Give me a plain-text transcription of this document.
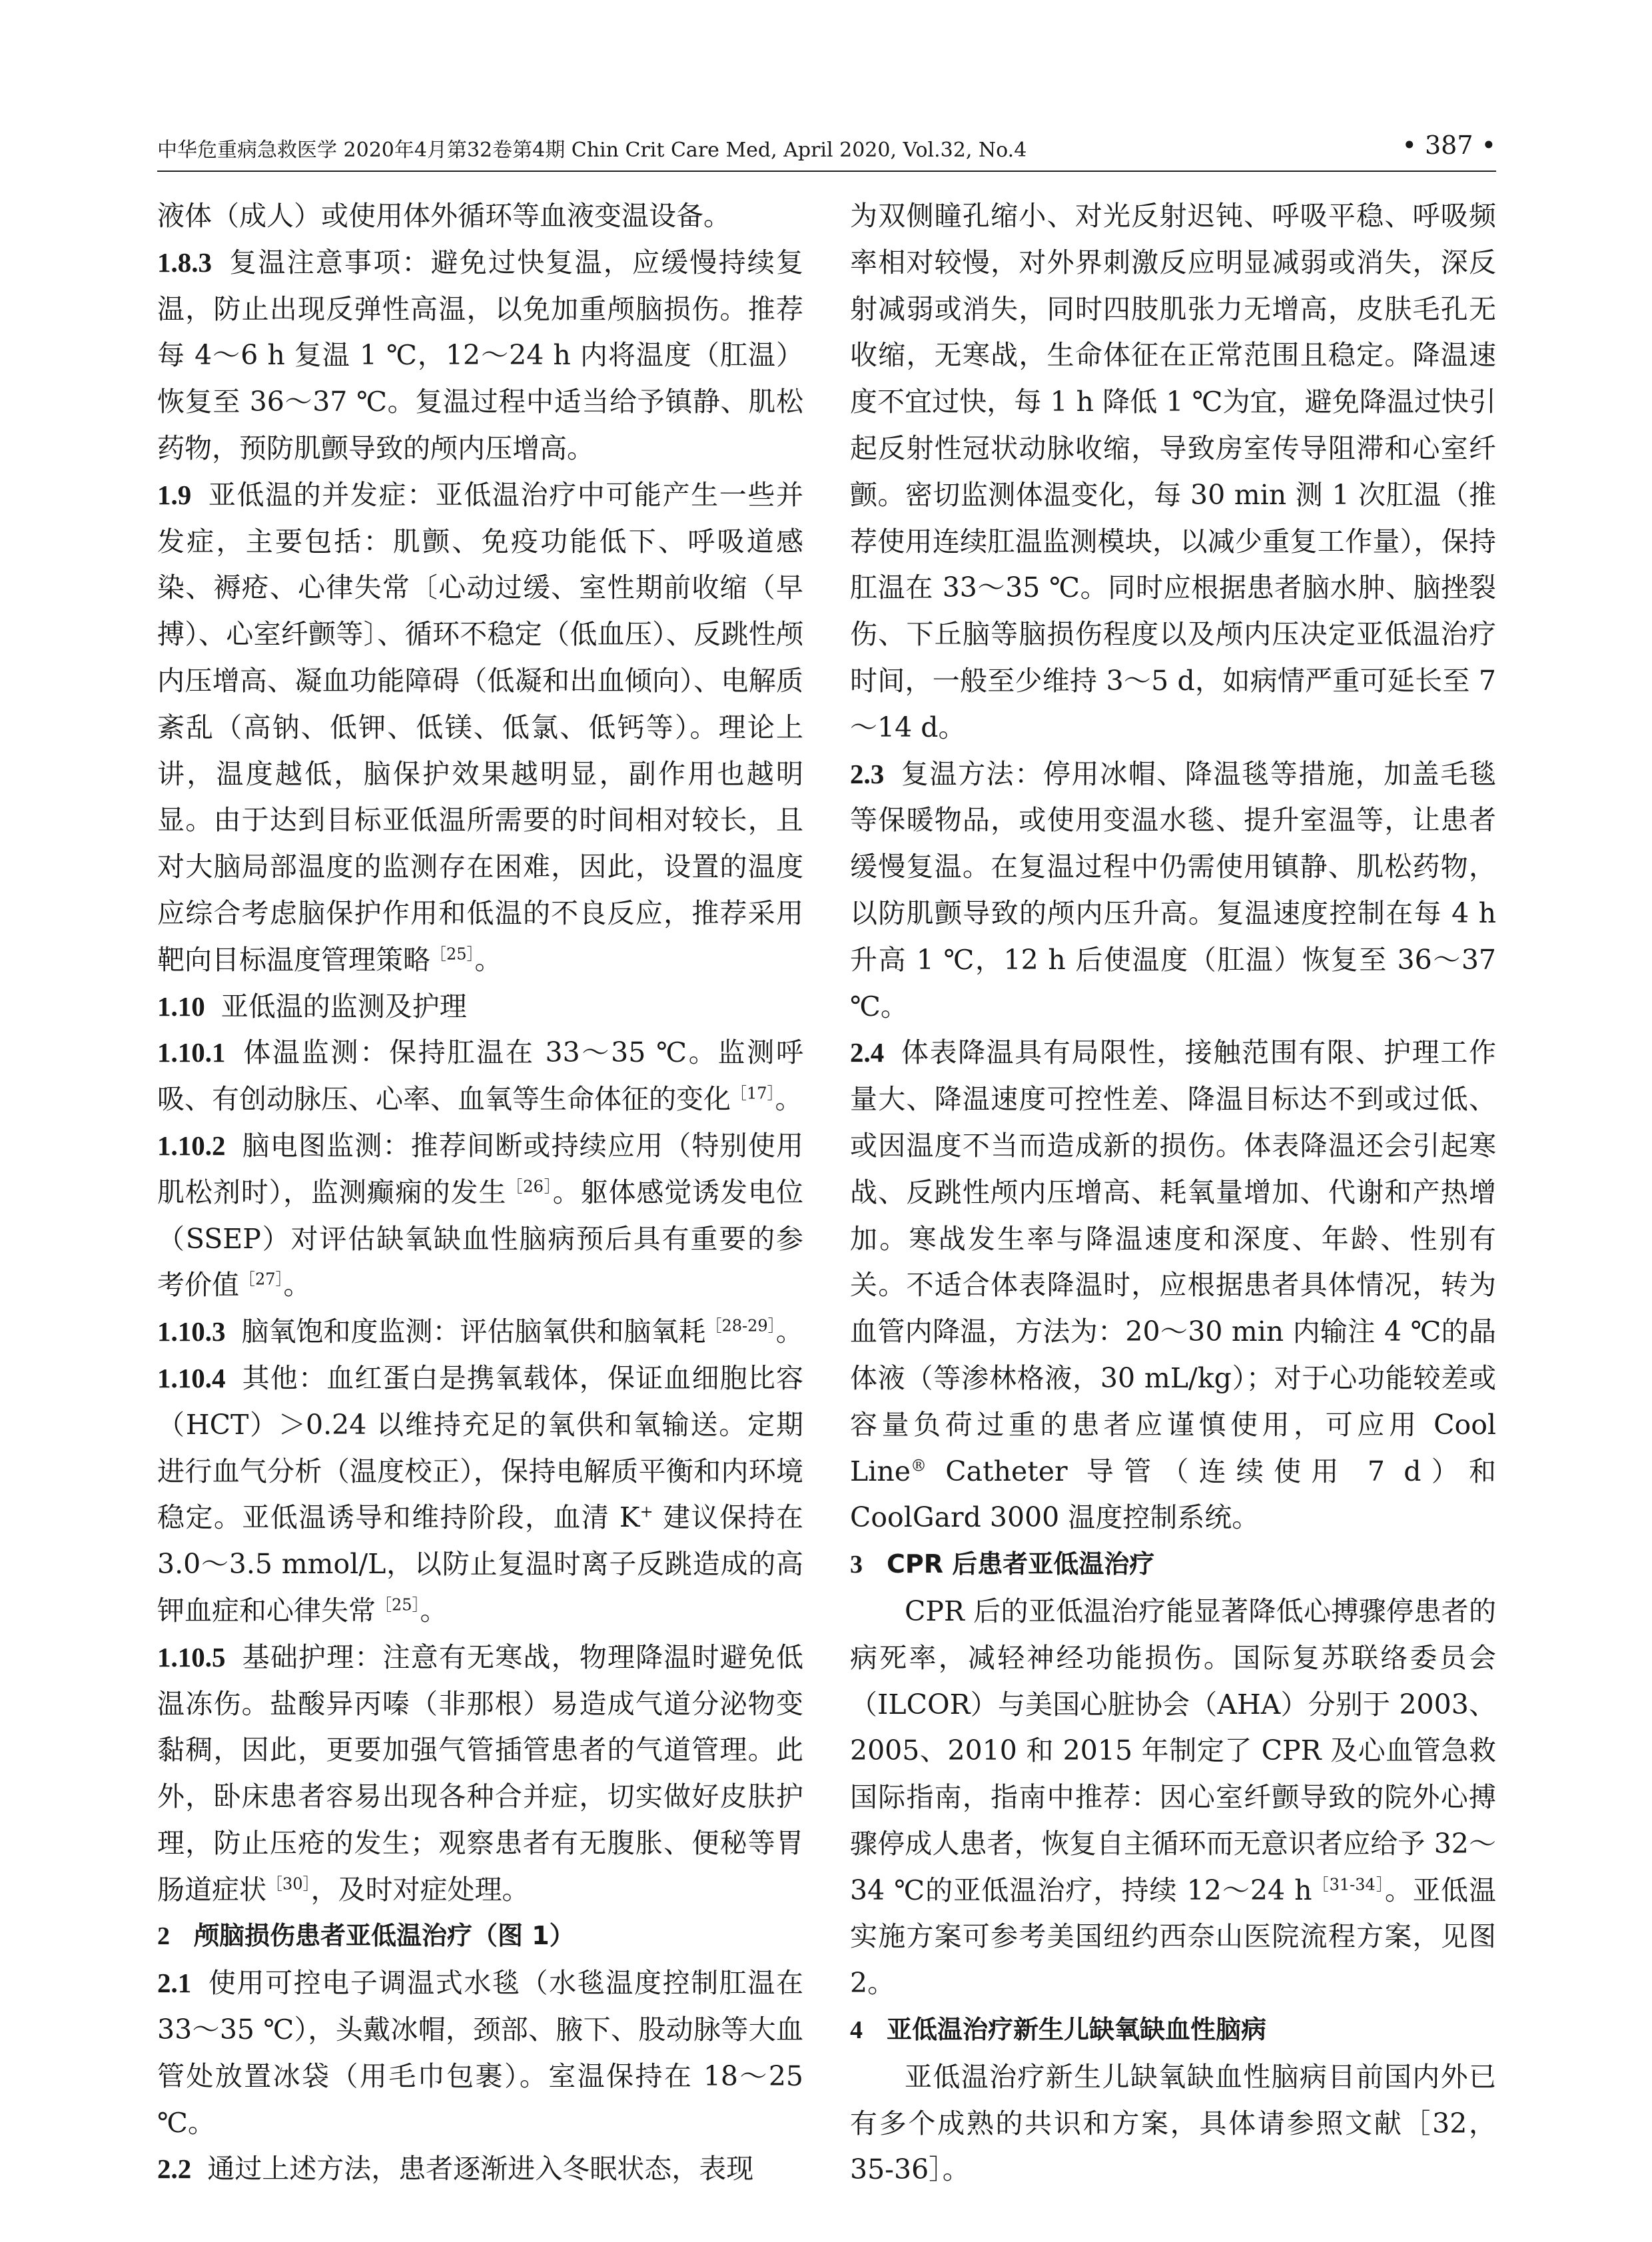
中华危重病急救医学 2020年4月第32卷第4期 Chin Crit Care Med, April 2020, Vol.32, No.4	• 387 •

液体（成人）或使用体外循环等血液变温设备。

1.8.3 复温注意事项：避免过快复温，应缓慢持续复温，防止出现反弹性高温，以免加重颅脑损伤。推荐每 4～6 h 复温 1 ℃，12～24 h 内将温度（肛温）恢复至 36～37 ℃。复温过程中适当给予镇静、肌松药物，预防肌颤导致的颅内压增高。

1.9 亚低温的并发症：亚低温治疗中可能产生一些并发症，主要包括：肌颤、免疫功能低下、呼吸道感染、褥疮、心律失常〔心动过缓、室性期前收缩（早搏）、心室纤颤等〕、循环不稳定（低血压）、反跳性颅内压增高、凝血功能障碍（低凝和出血倾向）、电解质紊乱（高钠、低钾、低镁、低氯、低钙等）。理论上讲，温度越低，脑保护效果越明显，副作用也越明显。由于达到目标亚低温所需要的时间相对较长，且对大脑局部温度的监测存在困难，因此，设置的温度应综合考虑脑保护作用和低温的不良反应，推荐采用靶向目标温度管理策略$^{[25]}$。

1.10 亚低温的监测及护理

1.10.1 体温监测：保持肛温在 33～35 ℃。监测呼吸、有创动脉压、心率、血氧等生命体征的变化$^{[17]}$。

1.10.2 脑电图监测：推荐间断或持续应用（特别使用肌松剂时），监测癫痫的发生$^{[26]}$。躯体感觉诱发电位（SSEP）对评估缺氧缺血性脑病预后具有重要的参考价值$^{[27]}$。

1.10.3 脑氧饱和度监测：评估脑氧供和脑氧耗$^{[28-29]}$。

1.10.4 其他：血红蛋白是携氧载体，保证血细胞比容（HCT）＞0.24 以维持充足的氧供和氧输送。定期进行血气分析（温度校正），保持电解质平衡和内环境稳定。亚低温诱导和维持阶段，血清 K+ 建议保持在 3.0～3.5 mmol/L，以防止复温时离子反跳造成的高钾血症和心律失常$^{[25]}$。

1.10.5 基础护理：注意有无寒战，物理降温时避免低温冻伤。盐酸异丙嗪（非那根）易造成气道分泌物变黏稠，因此，更要加强气管插管患者的气道管理。此外，卧床患者容易出现各种合并症，切实做好皮肤护理，防止压疮的发生；观察患者有无腹胀、便秘等胃肠道症状$^{[30]}$，及时对症处理。

2 颅脑损伤患者亚低温治疗（图 1）

2.1 使用可控电子调温式水毯（水毯温度控制肛温在 33～35 ℃），头戴冰帽，颈部、腋下、股动脉等大血管处放置冰袋（用毛巾包裹）。室温保持在 18～25 ℃。

2.2 通过上述方法，患者逐渐进入冬眠状态，表现

为双侧瞳孔缩小、对光反射迟钝、呼吸平稳、呼吸频率相对较慢，对外界刺激反应明显减弱或消失，深反射减弱或消失，同时四肢肌张力无增高，皮肤毛孔无收缩，无寒战，生命体征在正常范围且稳定。降温速度不宜过快，每 1 h 降低 1 ℃为宜，避免降温过快引起反射性冠状动脉收缩，导致房室传导阻滞和心室纤颤。密切监测体温变化，每 30 min 测 1 次肛温（推荐使用连续肛温监测模块，以减少重复工作量），保持肛温在 33～35 ℃。同时应根据患者脑水肿、脑挫裂伤、下丘脑等脑损伤程度以及颅内压决定亚低温治疗时间，一般至少维持 3～5 d，如病情严重可延长至 7～14 d。

2.3 复温方法：停用冰帽、降温毯等措施，加盖毛毯等保暖物品，或使用变温水毯、提升室温等，让患者缓慢复温。在复温过程中仍需使用镇静、肌松药物，以防肌颤导致的颅内压升高。复温速度控制在每 4 h 升高 1 ℃，12 h 后使温度（肛温）恢复至 36～37 ℃。

2.4 体表降温具有局限性，接触范围有限、护理工作量大、降温速度可控性差、降温目标达不到或过低、或因温度不当而造成新的损伤。体表降温还会引起寒战、反跳性颅内压增高、耗氧量增加、代谢和产热增加。寒战发生率与降温速度和深度、年龄、性别有关。不适合体表降温时，应根据患者具体情况，转为血管内降温，方法为：20～30 min 内输注 4 ℃的晶体液（等渗林格液，30 mL/kg）；对于心功能较差或容量负荷过重的患者应谨慎使用，可应用 Cool Line® Catheter 导管（连续使用 7 d）和 CoolGard 3000 温度控制系统。

3 CPR 后患者亚低温治疗

CPR 后的亚低温治疗能显著降低心搏骤停患者的病死率，减轻神经功能损伤。国际复苏联络委员会（ILCOR）与美国心脏协会（AHA）分别于 2003、2005、2010 和 2015 年制定了 CPR 及心血管急救国际指南，指南中推荐：因心室纤颤导致的院外心搏骤停成人患者，恢复自主循环而无意识者应给予 32～34 ℃的亚低温治疗，持续 12～24 h$^{[31-34]}$。亚低温实施方案可参考美国纽约西奈山医院流程方案，见图 2。

4 亚低温治疗新生儿缺氧缺血性脑病

亚低温治疗新生儿缺氧缺血性脑病目前国内外已有多个成熟的共识和方案，具体请参照文献［32，35-36］。
